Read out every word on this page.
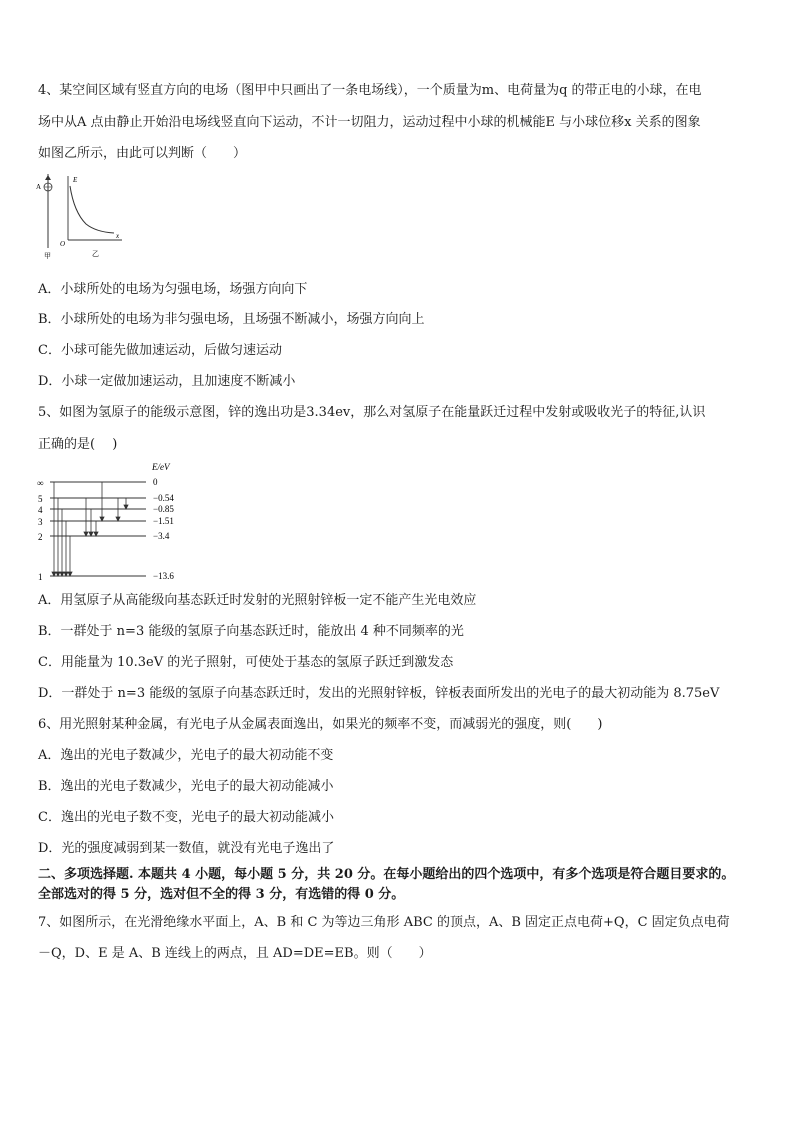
4、某空间区域有竖直方向的电场（图甲中只画出了一条电场线），一个质量为m、电荷量为q 的带正电的小球，在电
场中从A 点由静止开始沿电场线竖直向下运动，不计一切阻力，运动过程中小球的机械能E 与小球位移x 关系的图象
如图乙所示，由此可以判断（　　）
A
甲
E
O
x
乙
A．小球所处的电场为匀强电场，场强方向向下
B．小球所处的电场为非匀强电场，且场强不断减小，场强方向向上
C．小球可能先做加速运动，后做匀速运动
D．小球一定做加速运动，且加速度不断减小
5、如图为氢原子的能级示意图，锌的逸出功是3.34ev，那么对氢原子在能量跃迁过程中发射或吸收光子的特征,认识
正确的是(　 )
E/eV
∞
5
4
3
2
1
0
−0.54
−0.85
−1.51
−3.4
−13.6
A．用氢原子从高能级向基态跃迁时发射的光照射锌板一定不能产生光电效应
B．一群处于 n=3 能级的氢原子向基态跃迁时，能放出 4 种不同频率的光
C．用能量为 10.3eV 的光子照射，可使处于基态的氢原子跃迁到激发态
D．一群处于 n=3 能级的氢原子向基态跃迁时，发出的光照射锌板，锌板表面所发出的光电子的最大初动能为 8.75eV
6、用光照射某种金属，有光电子从金属表面逸出，如果光的频率不变，而减弱光的强度，则(　　)
A．逸出的光电子数减少，光电子的最大初动能不变
B．逸出的光电子数减少，光电子的最大初动能减小
C．逸出的光电子数不变，光电子的最大初动能减小
D．光的强度减弱到某一数值，就没有光电子逸出了
二、多项选择题. 本题共 4 小题，每小题 5 分，共 20 分。在每小题给出的四个选项中，有多个选项是符合题目要求的。
全部选对的得 5 分，选对但不全的得 3 分，有选错的得 0 分。
7、如图所示，在光滑绝缘水平面上，A、B 和 C 为等边三角形 ABC 的顶点，A、B 固定正点电荷+Q，C 固定负点电荷
－Q，D、E 是 A、B 连线上的两点，且 AD=DE=EB。则（　　）
